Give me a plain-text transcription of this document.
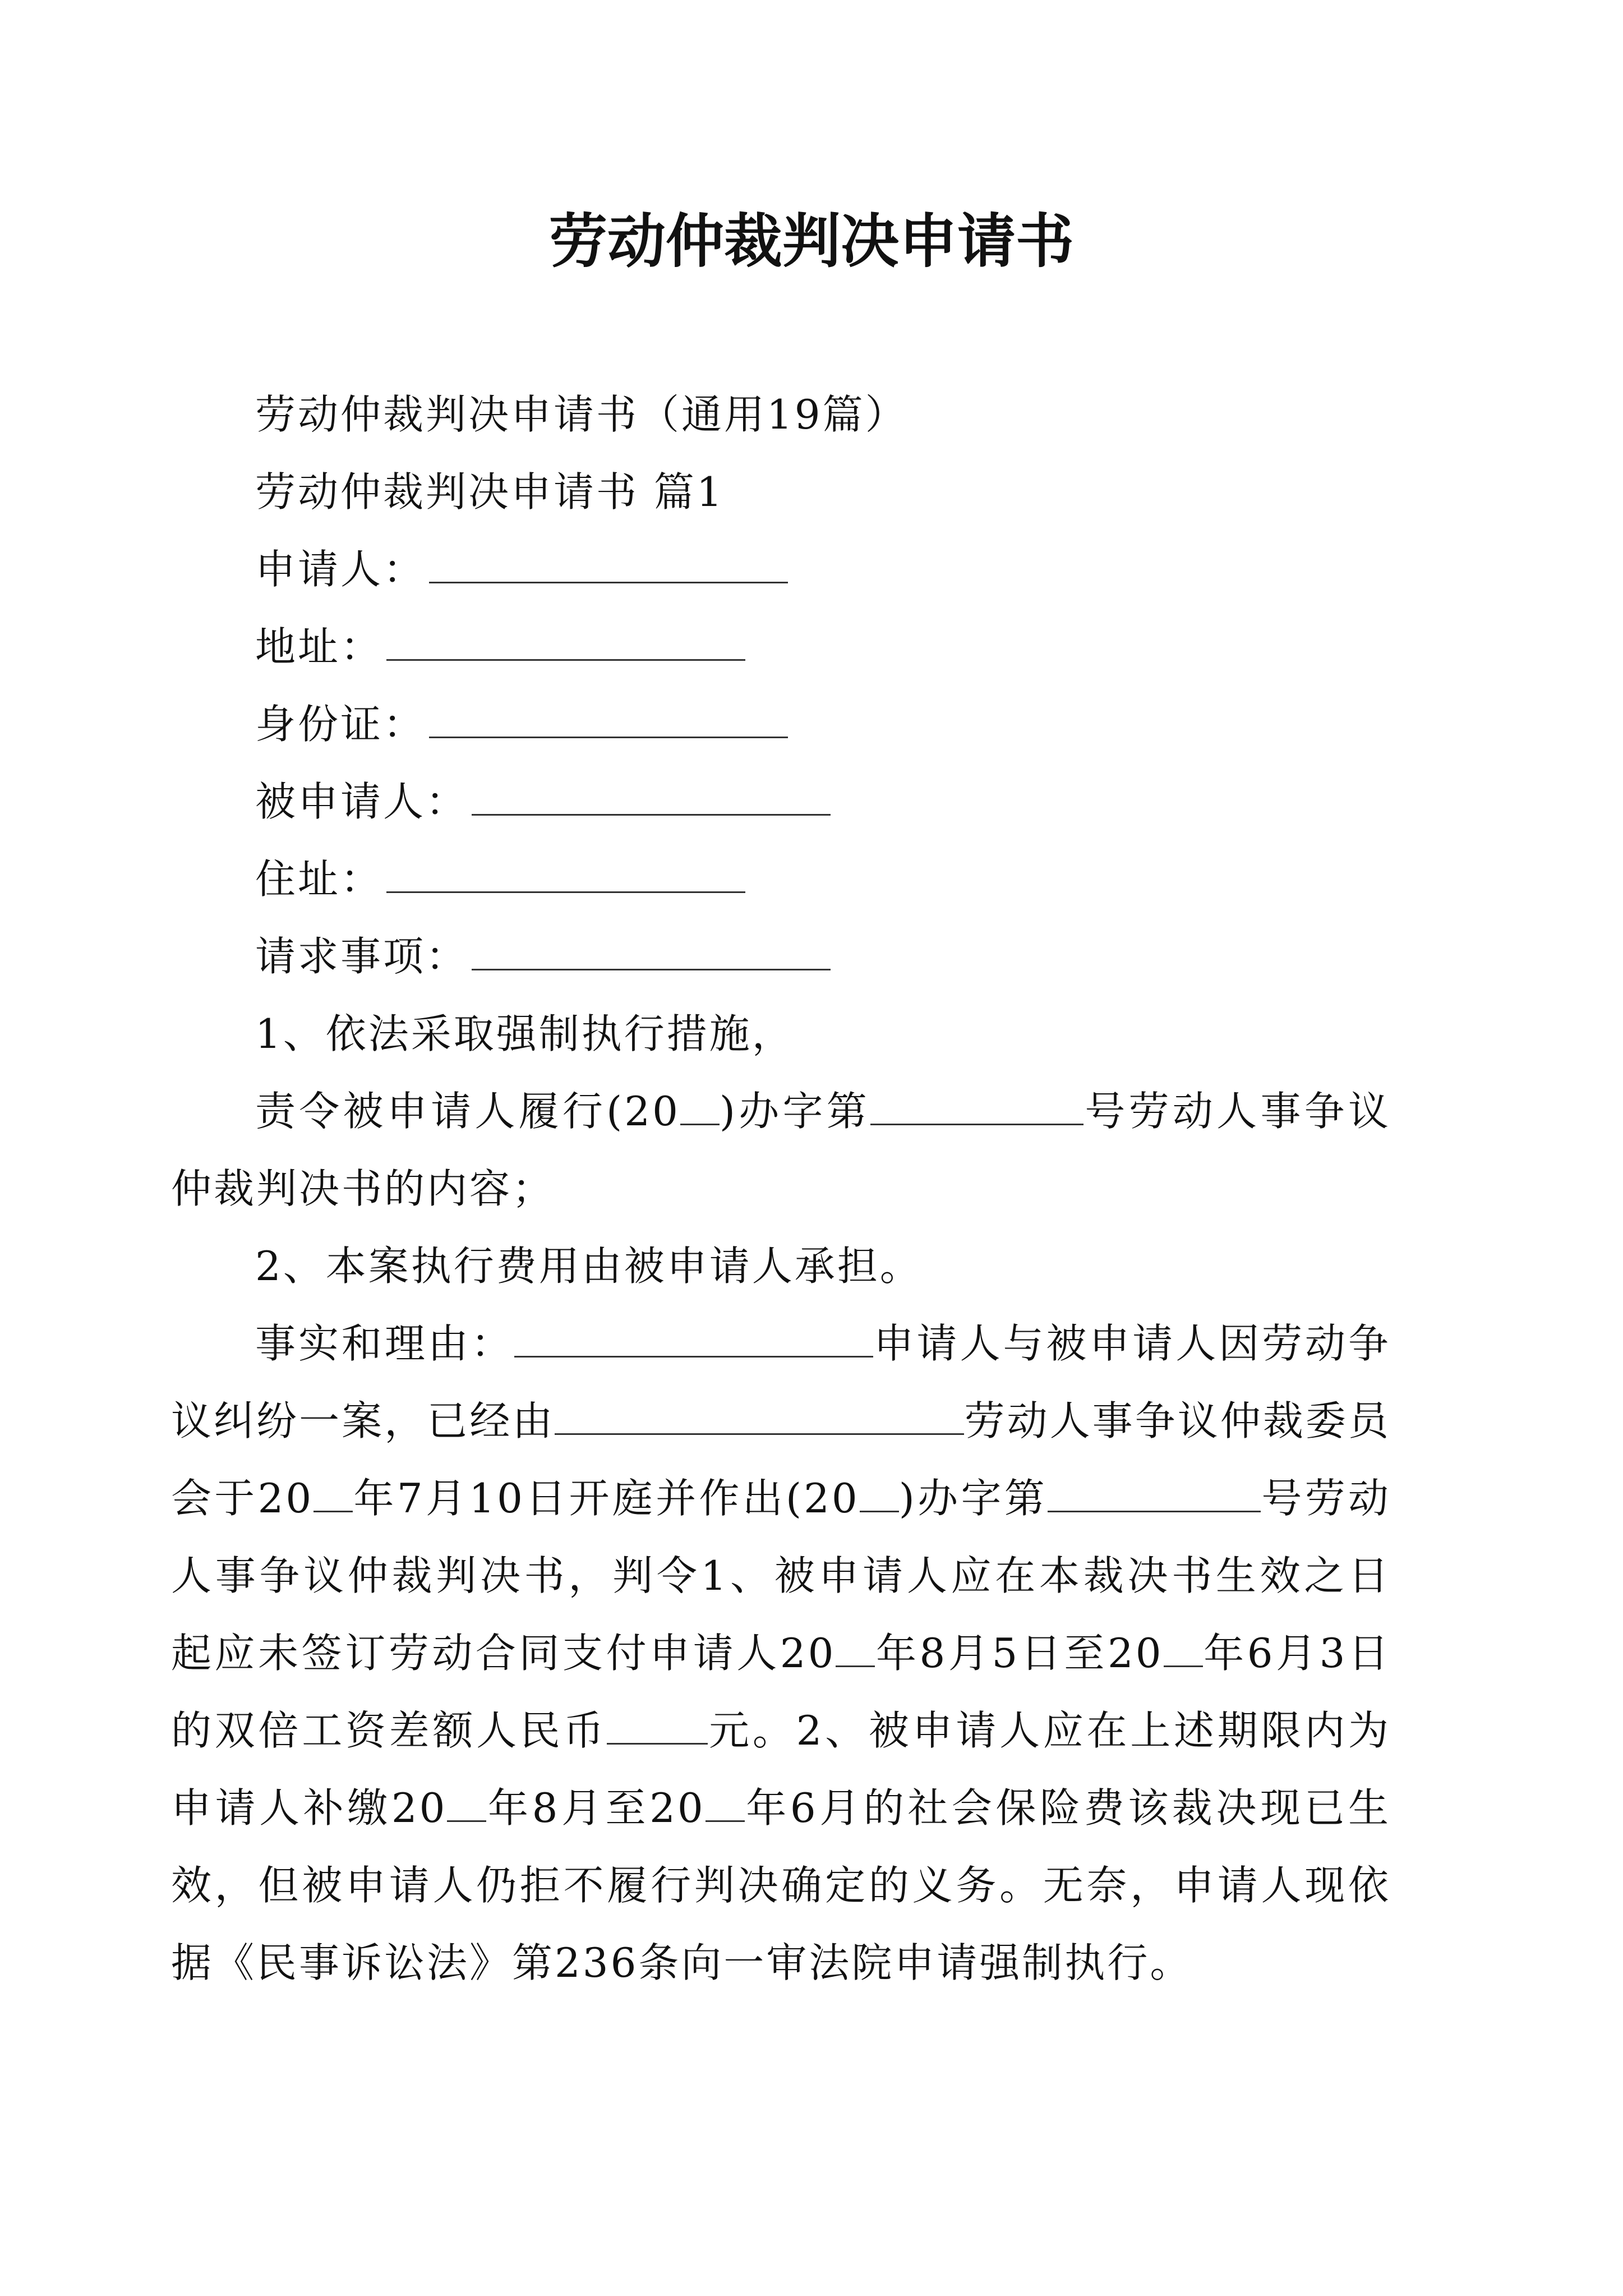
劳动仲裁判决申请书

劳动仲裁判决申请书（通用19篇）

劳动仲裁判决申请书 篇1

申请人：

地址：

身份证：

被申请人：

住址：

请求事项：

1、依法采取强制执行措施，

责令被申请人履行(20 )办字第	号劳动人事争议仲裁判决书的内容；

2、本案执行费用由被申请人承担。

事实和理由：	申请人与被申请人因劳动争议纠纷一案，已经由	劳动人事争议仲裁委员会于20 年7月10日开庭并作出(20 )办字第	号劳动人事争议仲裁判决书，判令1、被申请人应在本裁决书生效之日起应未签订劳动合同支付申请人20 年8月5日至20 年6月3日的双倍工资差额人民币	元。2、被申请人应在上述期限内为申请人补缴20 年8月至20 年6月的社会保险费该裁决现已生效，但被申请人仍拒不履行判决确定的义务。无奈，申请人现依据《民事诉讼法》第236条向一审法院申请强制执行。
